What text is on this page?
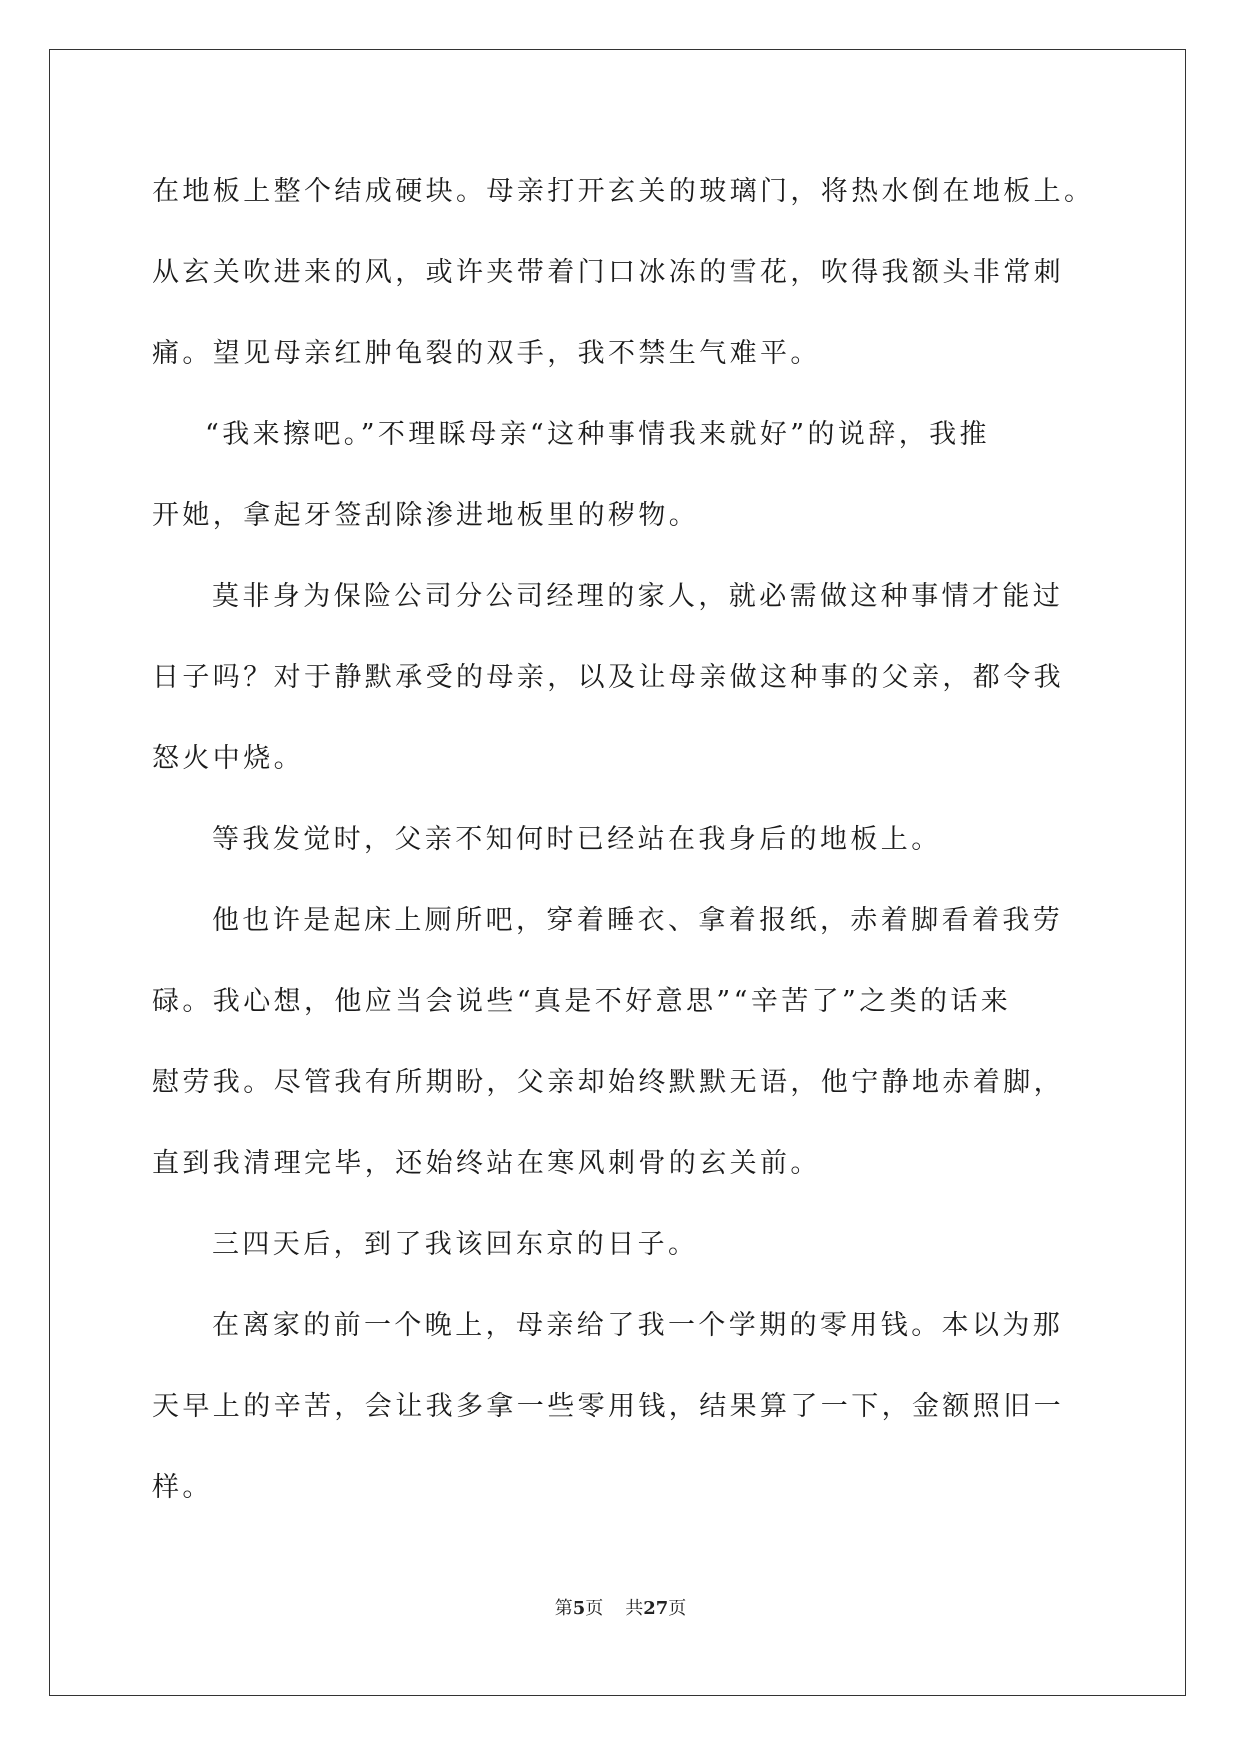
在地板上整个结成硬块。母亲打开玄关的玻璃门，将热水倒在地板上。
从玄关吹进来的风，或许夹带着门口冰冻的雪花，吹得我额头非常刺
痛。望见母亲红肿龟裂的双手，我不禁生气难平。
“我来擦吧。”不理睬母亲“这种事情我来就好”的说辞，我推
开她，拿起牙签刮除渗进地板里的秽物。
莫非身为保险公司分公司经理的家人，就必需做这种事情才能过
日子吗？对于静默承受的母亲，以及让母亲做这种事的父亲，都令我
怒火中烧。
等我发觉时，父亲不知何时已经站在我身后的地板上。
他也许是起床上厕所吧，穿着睡衣、拿着报纸，赤着脚看着我劳
碌。我心想，他应当会说些“真是不好意思”“辛苦了”之类的话来
慰劳我。尽管我有所期盼，父亲却始终默默无语，他宁静地赤着脚，
直到我清理完毕，还始终站在寒风刺骨的玄关前。
三四天后，到了我该回东京的日子。
在离家的前一个晚上，母亲给了我一个学期的零用钱。本以为那
天早上的辛苦，会让我多拿一些零用钱，结果算了一下，金额照旧一
样。
第5页 共27页
